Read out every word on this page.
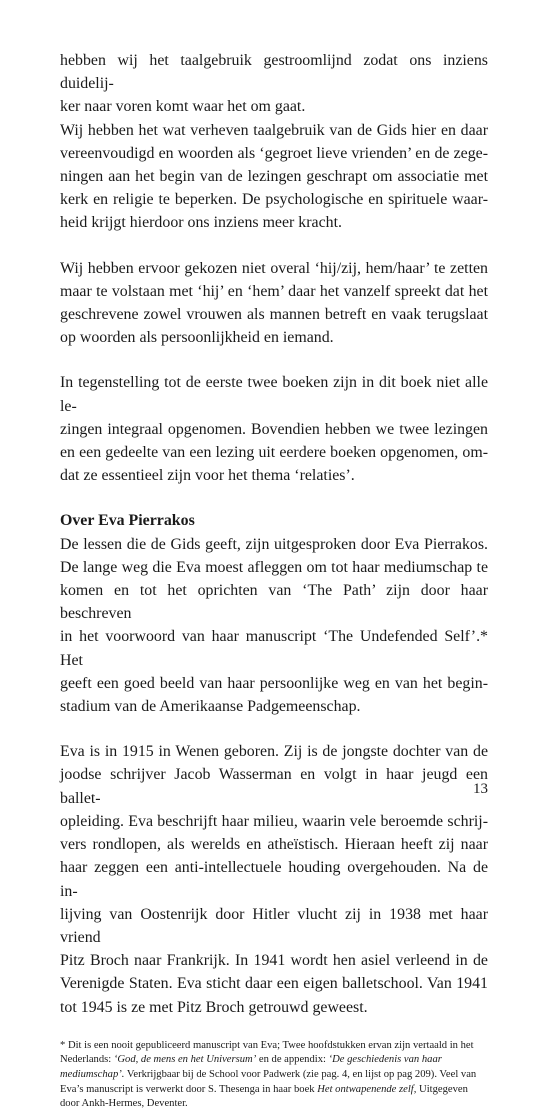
hebben wij het taalgebruik gestroomlijnd zodat ons inziens duidelij-
ker naar voren komt waar het om gaat.
Wij hebben het wat verheven taalgebruik van de Gids hier en daar
vereenvoudigd en woorden als ‘gegroet lieve vrienden’ en de zege-
ningen aan het begin van de lezingen geschrapt om associatie met
kerk en religie te beperken. De psychologische en spirituele waar-
heid krijgt hierdoor ons inziens meer kracht.
Wij hebben ervoor gekozen niet overal ‘hij/zij, hem/haar’ te zetten
maar te volstaan met ‘hij’ en ‘hem’ daar het vanzelf spreekt dat het
geschrevene zowel vrouwen als mannen betreft en vaak terugslaat
op woorden als persoonlijkheid en iemand.
In tegenstelling tot de eerste twee boeken zijn in dit boek niet alle le-
zingen integraal opgenomen. Bovendien hebben we twee lezingen
en een gedeelte van een lezing uit eerdere boeken opgenomen, om-
dat ze essentieel zijn voor het thema ‘relaties’.
Over Eva Pierrakos
De lessen die de Gids geeft, zijn uitgesproken door Eva Pierrakos.
De lange weg die Eva moest afleggen om tot haar mediumschap te
komen en tot het oprichten van ‘The Path’ zijn door haar beschreven
in het voorwoord van haar manuscript ‘The Undefended Self’.* Het
geeft een goed beeld van haar persoonlijke weg en van het begin-
stadium van de Amerikaanse Padgemeenschap.
Eva is in 1915 in Wenen geboren. Zij is de jongste dochter van de
joodse schrijver Jacob Wasserman en volgt in haar jeugd een ballet-
opleiding. Eva beschrijft haar milieu, waarin vele beroemde schrij-
vers rondlopen, als werelds en atheïstisch. Hieraan heeft zij naar
haar zeggen een anti-intellectuele houding overgehouden. Na de in-
lijving van Oostenrijk door Hitler vlucht zij in 1938 met haar vriend
Pitz Broch naar Frankrijk. In 1941 wordt hen asiel verleend in de
Verenigde Staten. Eva sticht daar een eigen balletschool. Van 1941
tot 1945 is ze met Pitz Broch getrouwd geweest.
* Dit is een nooit gepubliceerd manuscript van Eva; Twee hoofdstukken ervan zijn vertaald in het Nederlands: ‘God, de mens en het Universum’ en de appendix: ‘De geschiedenis van haar mediumschap’. Verkrijgbaar bij de School voor Padwerk (zie pag. 4, en lijst op pag 209). Veel van Eva’s manuscript is verwerkt door S. Thesenga in haar boek Het ontwapenende zelf, Uitgegeven door Ankh-Hermes, Deventer.
13
